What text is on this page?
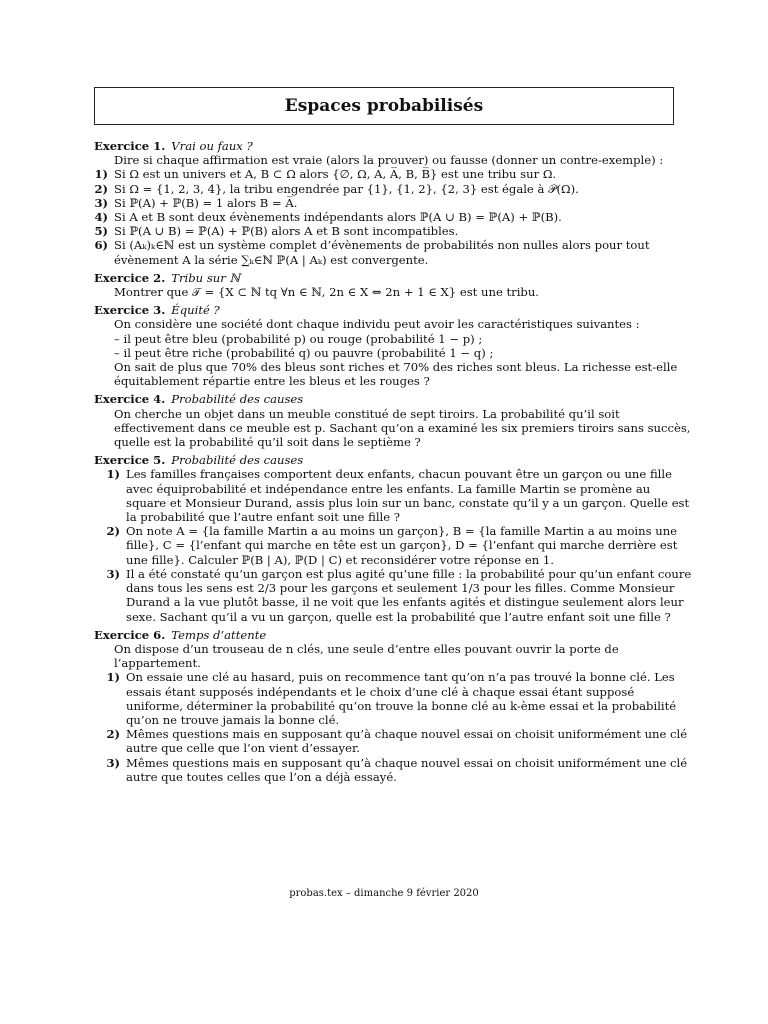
Espaces probabilisés
Exercice 1. Vrai ou faux ?
Dire si chaque affirmation est vraie (alors la prouver) ou fausse (donner un contre-exemple) :
1) Si Ω est un univers et A, B ⊂ Ω alors {∅, Ω, A, A̅, B, B̅} est une tribu sur Ω.
2) Si Ω = {1, 2, 3, 4}, la tribu engendrée par {1}, {1, 2}, {2, 3} est égale à 𝒫(Ω).
3) Si ℙ(A) + ℙ(B) = 1 alors B = A̅.
4) Si A et B sont deux évènements indépendants alors ℙ(A ∪ B) = ℙ(A) + ℙ(B).
5) Si ℙ(A ∪ B) = ℙ(A) + ℙ(B) alors A et B sont incompatibles.
6) Si (Aₖ)ₖ∈ℕ est un système complet d’évènements de probabilités non nulles alors pour tout évènement A la série ∑ₖ∈ℕ ℙ(A | Aₖ) est convergente.
Exercice 2. Tribu sur ℕ
Montrer que 𝒯 = {X ⊂ ℕ tq ∀n ∈ ℕ, 2n ∈ X ⇔ 2n + 1 ∈ X} est une tribu.
Exercice 3. Équité ?
On considère une société dont chaque individu peut avoir les caractéristiques suivantes :
– il peut être bleu (probabilité p) ou rouge (probabilité 1 − p) ;
– il peut être riche (probabilité q) ou pauvre (probabilité 1 − q) ;
On sait de plus que 70% des bleus sont riches et 70% des riches sont bleus. La richesse est-elle équitablement répartie entre les bleus et les rouges ?
Exercice 4. Probabilité des causes
On cherche un objet dans un meuble constitué de sept tiroirs. La probabilité qu’il soit effectivement dans ce meuble est p. Sachant qu’on a examiné les six premiers tiroirs sans succès, quelle est la probabilité qu’il soit dans le septième ?
Exercice 5. Probabilité des causes
1) Les familles françaises comportent deux enfants, chacun pouvant être un garçon ou une fille avec équiprobabilité et indépendance entre les enfants. La famille Martin se promène au square et Monsieur Durand, assis plus loin sur un banc, constate qu’il y a un garçon. Quelle est la probabilité que l’autre enfant soit une fille ?
2) On note A = {la famille Martin a au moins un garçon}, B = {la famille Martin a au moins une fille}, C = {l’enfant qui marche en tête est un garçon}, D = {l’enfant qui marche derrière est une fille}. Calculer ℙ(B | A), ℙ(D | C) et reconsidérer votre réponse en 1.
3) Il a été constaté qu’un garçon est plus agité qu’une fille : la probabilité pour qu’un enfant coure dans tous les sens est 2/3 pour les garçons et seulement 1/3 pour les filles. Comme Monsieur Durand a la vue plutôt basse, il ne voit que les enfants agités et distingue seulement alors leur sexe. Sachant qu’il a vu un garçon, quelle est la probabilité que l’autre enfant soit une fille ?
Exercice 6. Temps d’attente
On dispose d’un trouseau de n clés, une seule d’entre elles pouvant ouvrir la porte de l’appartement.
1) On essaie une clé au hasard, puis on recommence tant qu’on n’a pas trouvé la bonne clé. Les essais étant supposés indépendants et le choix d’une clé à chaque essai étant supposé uniforme, déterminer la probabilité qu’on trouve la bonne clé au k-ème essai et la probabilité qu’on ne trouve jamais la bonne clé.
2) Mêmes questions mais en supposant qu’à chaque nouvel essai on choisit uniformément une clé autre que celle que l’on vient d’essayer.
3) Mêmes questions mais en supposant qu’à chaque nouvel essai on choisit uniformément une clé autre que toutes celles que l’on a déjà essayé.
probas.tex – dimanche 9 février 2020
